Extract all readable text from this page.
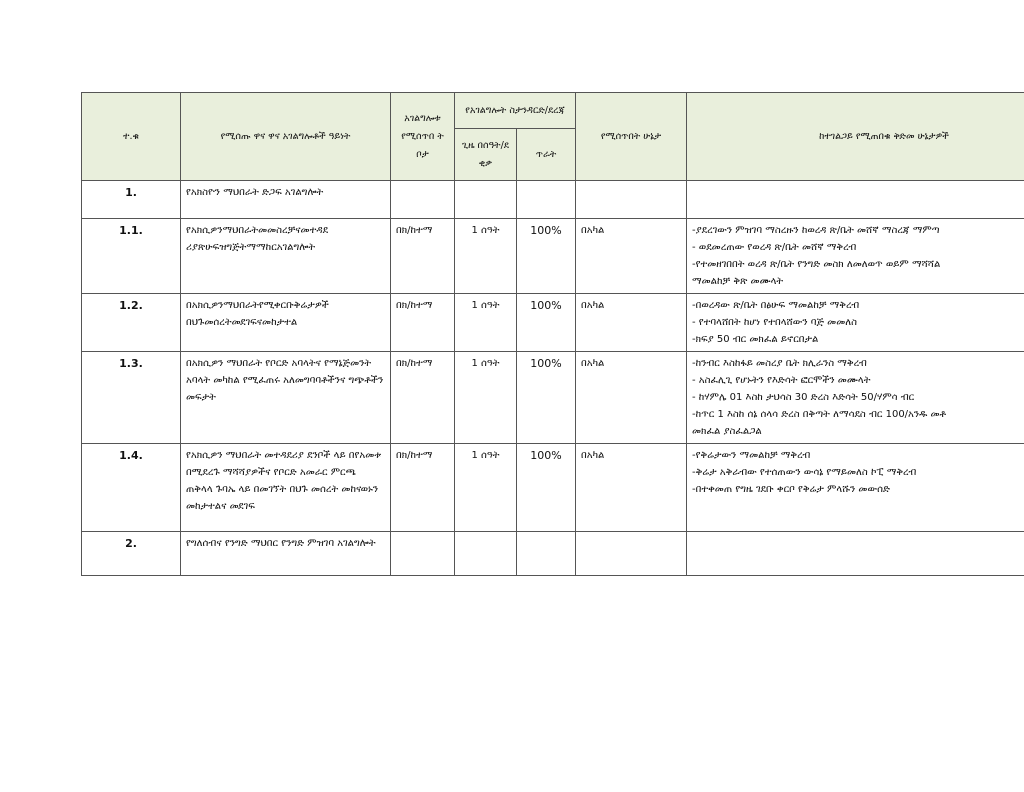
ተ.ቁ	የሚሰጡ ዋና ዋና አገልግሎቶች ዓይነት	አገልግሎቱ የሚሰጥበ ት ቦታ	የአገልግሎት ስታንዳርድ/ደረጃ		የሚሰጥበት ሁኔታ	ከተገልጋይ የሚጠበቁ ቅድመ ሁኔታዎች
			ጊዜ በሰዓት/ደ ቂቃ	ጥራት		
1.	የአክስዮን ማህበራት ድጋፍ አገልግሎት					
1.1.	የአክሲዎንማህበራትመመስረቻናመተዳደ ሪያጽሁፍዝግጅትማማከርአገልግሎት	በክ/ከተማ	1 ሰዓት	100%	በአካል	-ያደረገውን ምዝገባ ማስረዙን ከወረዳ ጽ/ቤት መሸኛ ማስረጃ ማምጣ
- ወደመረጠው የወረዳ ጽ/ቤት መሸኛ ማቅረብ
-የተመዘገበበት ወረዳ ጽ/ቤት የንግድ መስክ ለመለወጥ ወይም ማሻሻል
ማመልከቻ ቅጽ መሙላት

1.2.	በአክሲዎንማህበራትየሚቀርቡቅሬታዎች በህጉመሰረትመደገፍናመከታተል	በክ/ከተማ	1 ሰዓት	100%	በአካል	-በወረዳው ጽ/ቤት በፅሁፍ ማመልከቻ ማቅረብ
- የተባላሸበት ከሆነ የተበላሸውን ባጅ መመለስ
-ክፍያ 50 ብር መክፈል ይኖርበታል

1.3.	በአክሲዎን ማህበራት የቦርድ አባላትና የማኔጅመንት አባላት መካከል የሚፈጠሩ አለመግባባቶችንና ግጭቶችን መፍታት	በክ/ከተማ	1 ሰዓት	100%	በአካል	-ከንብር እስከፋይ መስረያ ቤት ክሊራንስ ማቅረብ
- አስፈሊጊ የሆኑትን የእድሳት ፎርሞችን መሙላት
- ከሃምሌ 01 እስከ ታህሳስ 30 ድረስ እድሳት 50/ሃምሳ ብር
-ከጥር 1 እስከ ሰኔ ሰላሳ ድረስ በቅጣት ለማሳደስ ብር 100/አንዱ መቶ
መክፈል ያስፈልጋል

1.4.	የአክሲዎን ማህበራት መተዳደሪያ ደንቦች ላይ በየአመቱ በሚደረጉ ማሻሻያዎችና የቦርድ አመራር ምርጫ ጠቅላላ ጉባኤ ላይ በመገኘት በህጉ መሰረት መከናወኑን መከታተልና መደገፍ	በክ/ከተማ	1 ሰዓት	100%	በአካል	-የቅሬታውን ማመልከቻ ማቅረብ
-ቅሬታ አቅራብው የተሰጠውን ውሳኔ የማይመለስ ኮፒ ማቅረብ
-በተቀመጠ የግዜ ገደቡ ቀርቦ የቅሬታ ምላሹን መውሰድ

2.	የግለሰብና የንግድ ማህበር የንግድ ምዝገባ አገልግሎት					
